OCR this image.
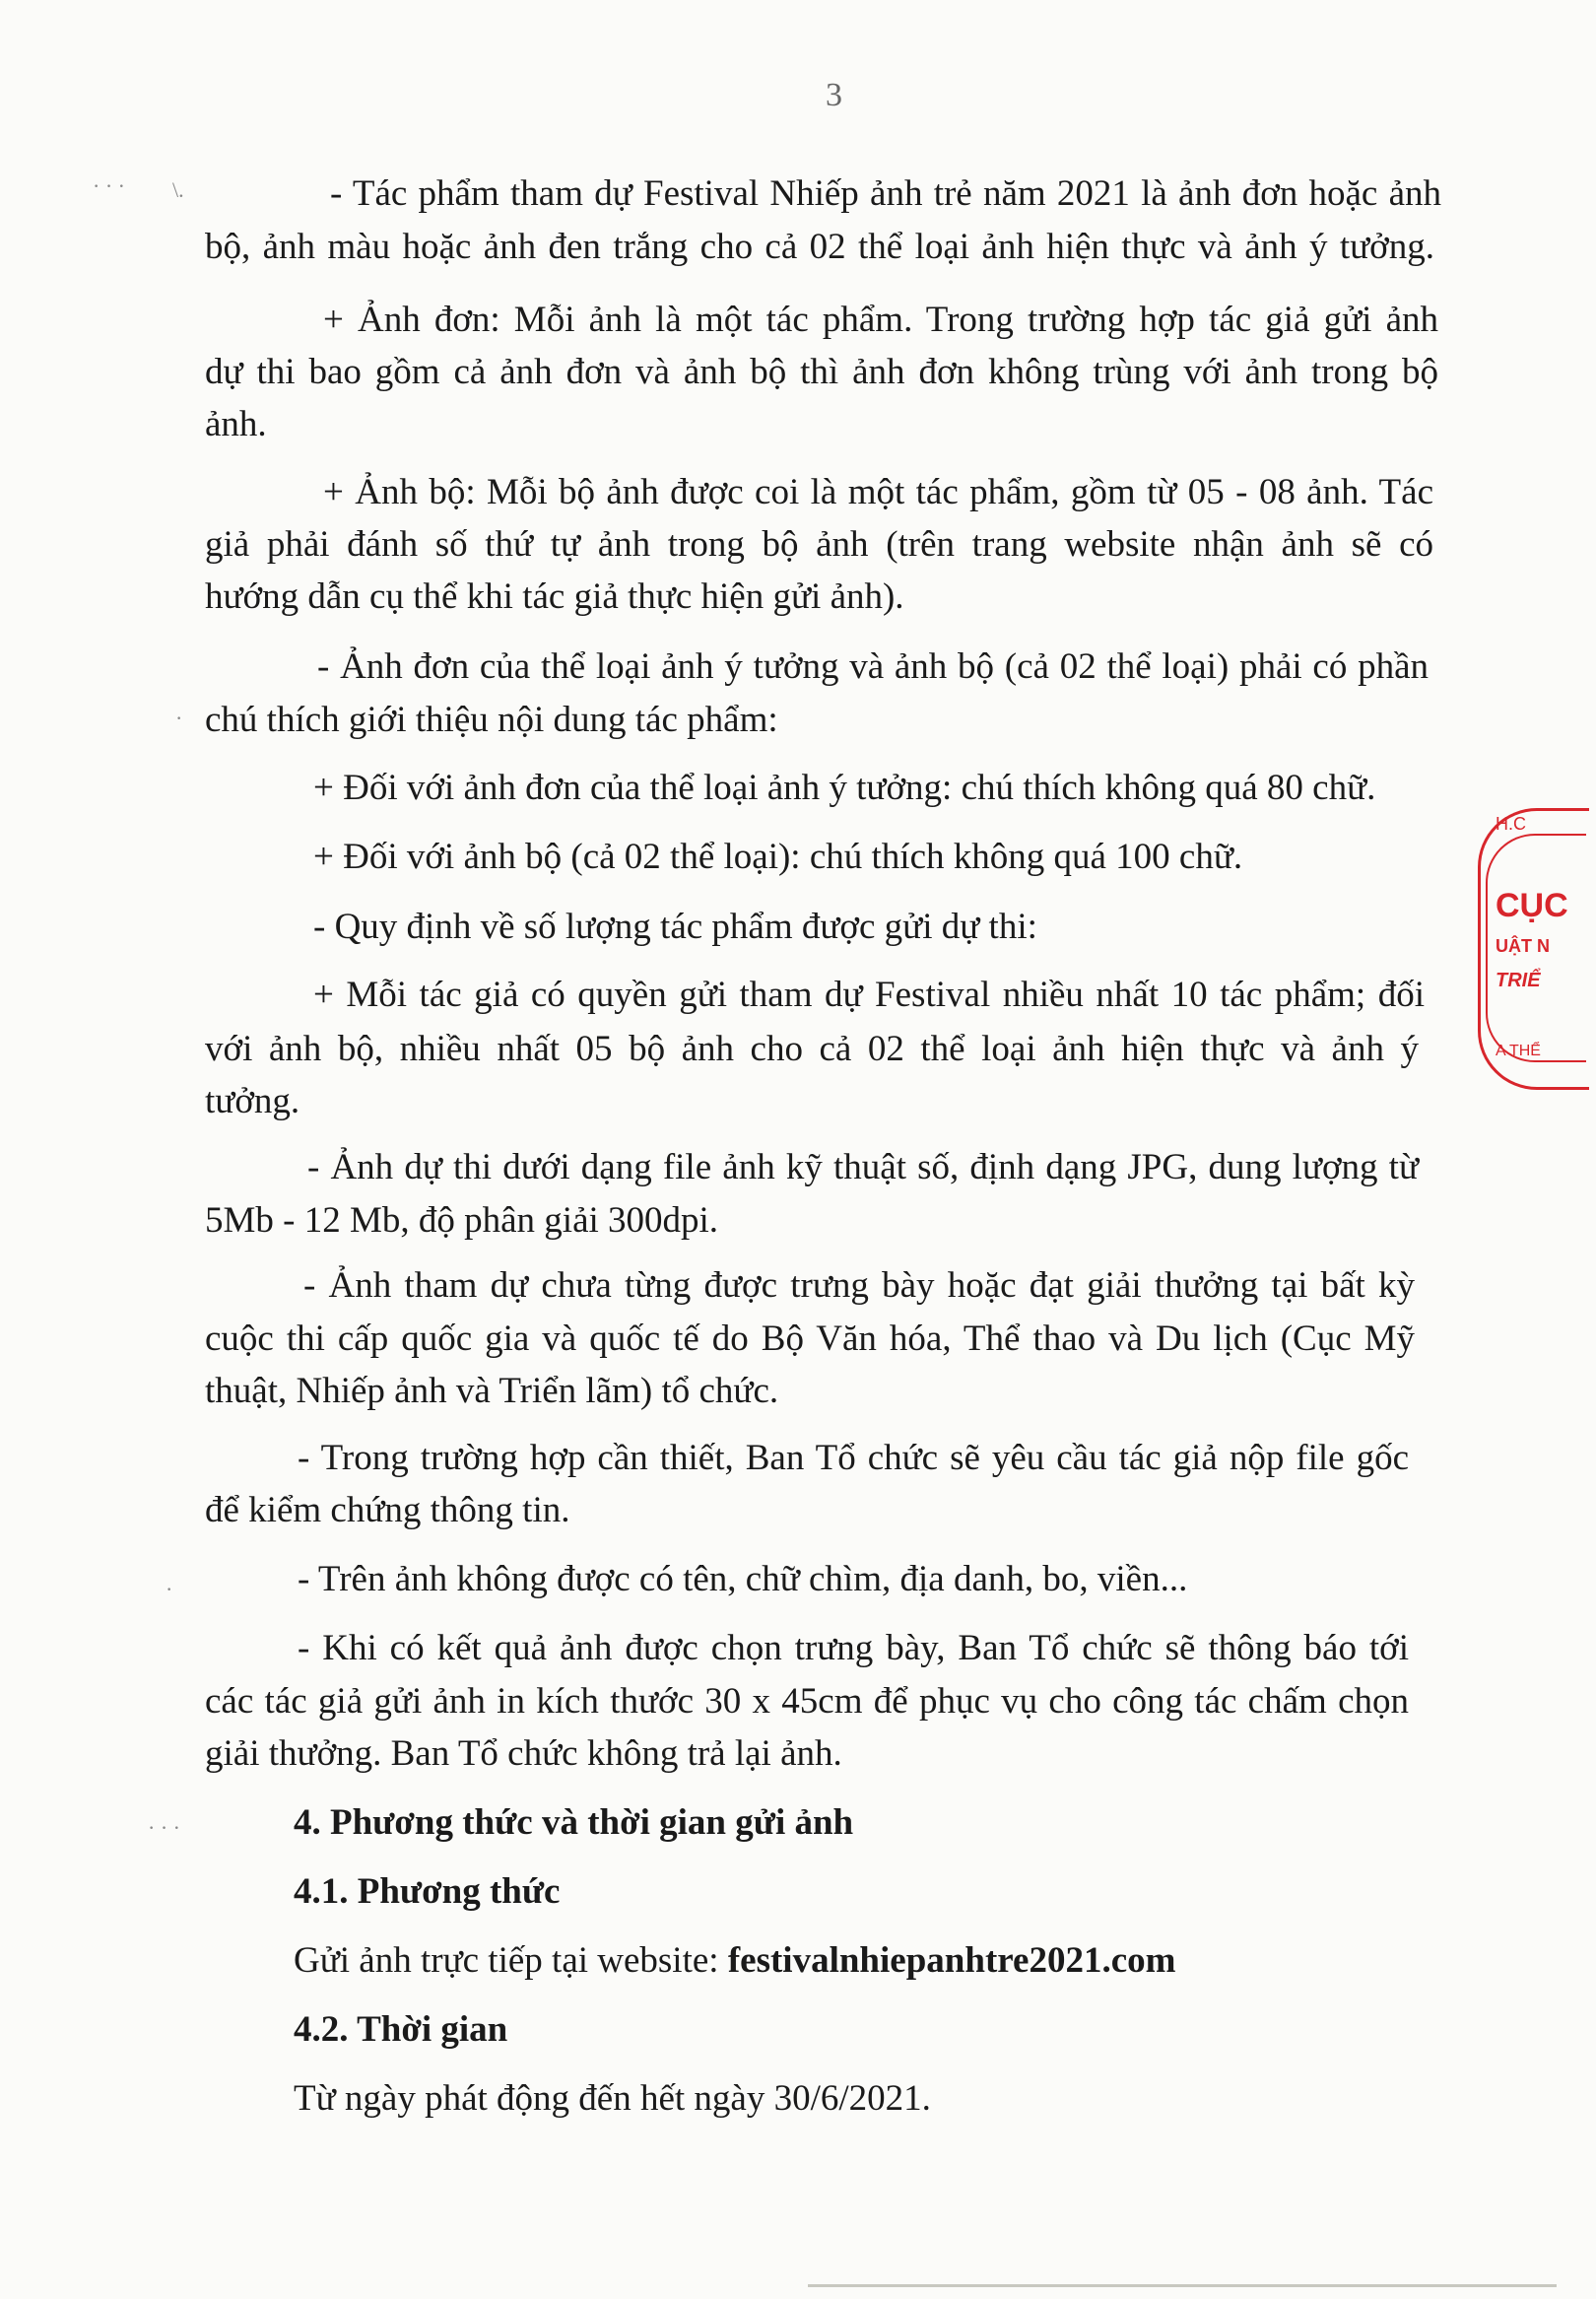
3
- Tác phẩm tham dự Festival Nhiếp ảnh trẻ năm 2021 là ảnh đơn hoặc ảnh
bộ, ảnh màu hoặc ảnh đen trắng cho cả 02 thể loại ảnh hiện thực và ảnh ý tưởng.
+ Ảnh đơn: Mỗi ảnh là một tác phẩm. Trong trường hợp tác giả gửi ảnh
dự thi bao gồm cả ảnh đơn và ảnh bộ thì ảnh đơn không trùng với ảnh trong bộ
ảnh.
+ Ảnh bộ: Mỗi bộ ảnh được coi là một tác phẩm, gồm từ 05 - 08 ảnh. Tác
giả phải đánh số thứ tự ảnh trong bộ ảnh (trên trang website nhận ảnh sẽ có
hướng dẫn cụ thể khi tác giả thực hiện gửi ảnh).
- Ảnh đơn của thể loại ảnh ý tưởng và ảnh bộ (cả 02 thể loại) phải có phần
chú thích giới thiệu nội dung tác phẩm:
+ Đối với ảnh đơn của thể loại ảnh ý tưởng: chú thích không quá 80 chữ.
+ Đối với ảnh bộ (cả 02 thể loại): chú thích không quá 100 chữ.
- Quy định về số lượng tác phẩm được gửi dự thi:
+ Mỗi tác giả có quyền gửi tham dự Festival nhiều nhất 10 tác phẩm; đối
với ảnh bộ, nhiều nhất 05 bộ ảnh cho cả 02 thể loại ảnh hiện thực và ảnh ý
tưởng.
- Ảnh dự thi dưới dạng file ảnh kỹ thuật số, định dạng JPG, dung lượng từ
5Mb - 12 Mb, độ phân giải 300dpi.
- Ảnh tham dự chưa từng được trưng bày hoặc đạt giải thưởng tại bất kỳ
cuộc thi cấp quốc gia và quốc tế do Bộ Văn hóa, Thể thao và Du lịch (Cục Mỹ
thuật, Nhiếp ảnh và Triển lãm) tổ chức.
- Trong trường hợp cần thiết, Ban Tổ chức sẽ yêu cầu tác giả nộp file gốc
để kiểm chứng thông tin.
- Trên ảnh không được có tên, chữ chìm, địa danh, bo, viền...
- Khi có kết quả ảnh được chọn trưng bày, Ban Tổ chức sẽ thông báo tới
các tác giả gửi ảnh in kích thước 30 x 45cm để phục vụ cho công tác chấm chọn
giải thưởng. Ban Tổ chức không trả lại ảnh.
4. Phương thức và thời gian gửi ảnh
4.1. Phương thức
Gửi ảnh trực tiếp tại website: festivalnhiepanhtre2021.com
4.2. Thời gian
Từ ngày phát động đến hết ngày 30/6/2021.
H.C
CỤC
UẬT N
TRIỂ
A THỂ
· · · \.
·
· · ·
·
